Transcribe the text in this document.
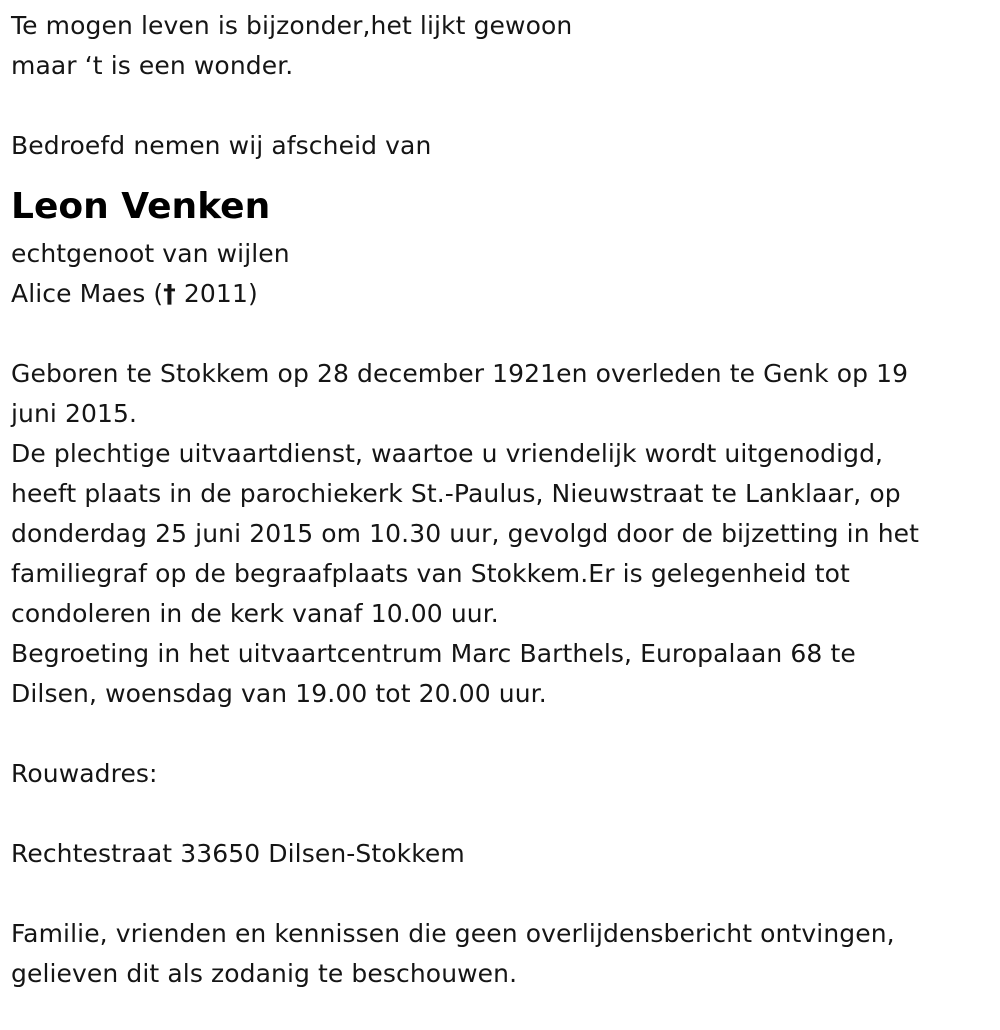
Te mogen leven is bijzonder,het lijkt gewoon
maar ‘t is een wonder.
Bedroefd nemen wij afscheid van
Leon Venken
echtgenoot van wijlen
Alice Maes († 2011)
Geboren te Stokkem op 28 december 1921en overleden te Genk op 19
juni 2015.
De plechtige uitvaartdienst, waartoe u vriendelijk wordt uitgenodigd,
heeft plaats in de parochiekerk St.-Paulus, Nieuwstraat te Lanklaar, op
donderdag 25 juni 2015 om 10.30 uur, gevolgd door de bijzetting in het
familiegraf op de begraafplaats van Stokkem.Er is gelegenheid tot
condoleren in de kerk vanaf 10.00 uur.
Begroeting in het uitvaartcentrum Marc Barthels, Europalaan 68 te
Dilsen, woensdag van 19.00 tot 20.00 uur.
Rouwadres:
Rechtestraat 33650 Dilsen-Stokkem
Familie, vrienden en kennissen die geen overlijdensbericht ontvingen,
gelieven dit als zodanig te beschouwen.
